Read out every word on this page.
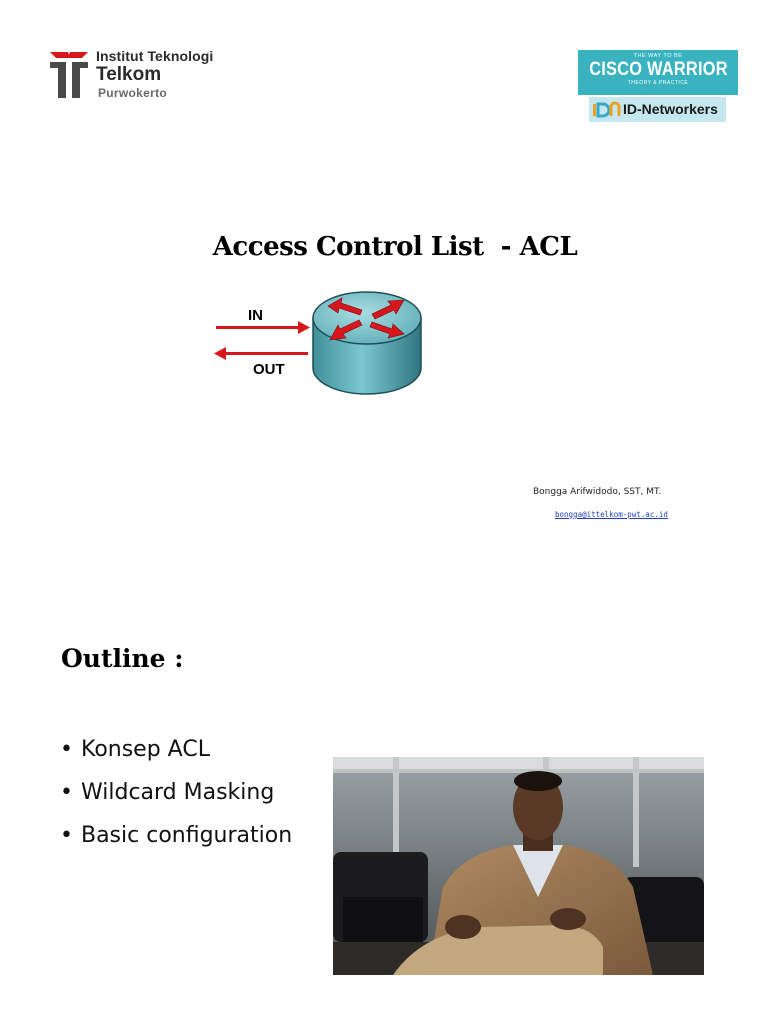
Institut Teknologi
Telkom
Purwokerto
THE WAY TO BE
CISCO WARRIOR
THEORY & PRACTICE
ID-Networkers
Access Control List  - ACL
IN
OUT
Bongga Arifwidodo, SST, MT.
bongga@ittelkom-pwt.ac.id
Outline :
• Konsep ACL
• Wildcard Masking
• Basic configuration
